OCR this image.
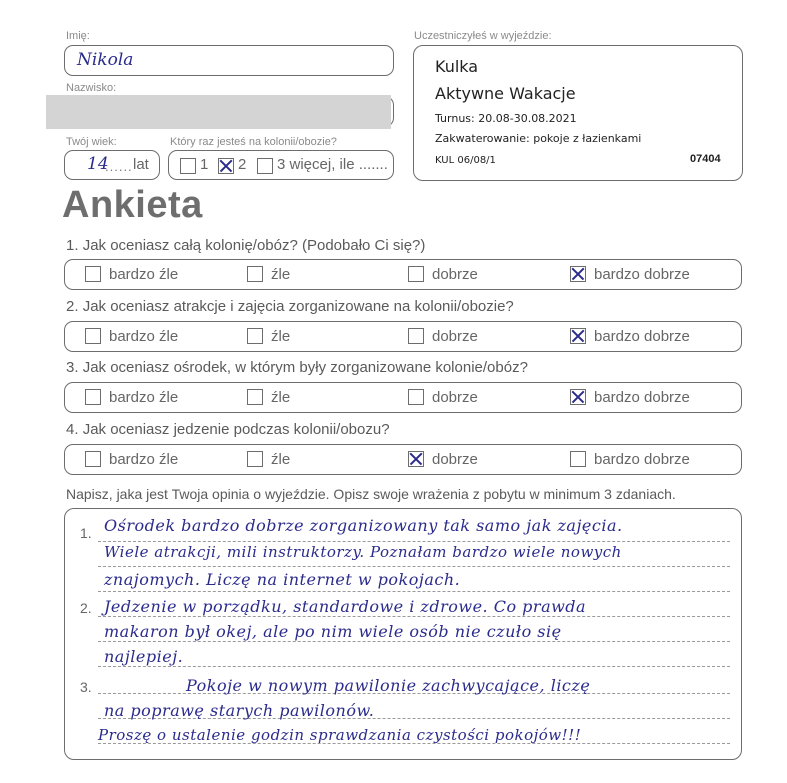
Imię:
Nikola
Nazwisko:
Twój wiek:
14
...... lat
Który raz jesteś na kolonii/obozie?
1 2 3 więcej, ile .......
Uczestniczyłeś w wyjeździe:
Kulka
Aktywne Wakacje
Turnus: 20.08-30.08.2021
Zakwaterowanie: pokoje z łazienkami
KUL 06/08/1	07404
Ankieta
1. Jak oceniasz całą kolonię/obóz? (Podobało Ci się?)
bardzo źle	źle	dobrze	bardzo dobrze
2. Jak oceniasz atrakcje i zajęcia zorganizowane na kolonii/obozie?
bardzo źle	źle	dobrze	bardzo dobrze
3. Jak oceniasz ośrodek, w którym były zorganizowane kolonie/obóz?
bardzo źle	źle	dobrze	bardzo dobrze
4. Jak oceniasz jedzenie podczas kolonii/obozu?
bardzo źle	źle	dobrze	bardzo dobrze
Napisz, jaka jest Twoja opinia o wyjeździe. Opisz swoje wrażenia z pobytu w minimum 3 zdaniach.
1.
2.
3.
Ośrodek bardzo dobrze zorganizowany tak samo jak zajęcia.
Wiele atrakcji, mili instruktorzy. Poznałam bardzo wiele nowych
znajomych. Liczę na internet w pokojach.
Jedzenie w porządku, standardowe i zdrowe. Co prawda
makaron był okej, ale po nim wiele osób nie czuło się
najlepiej.
Pokoje w nowym pawilonie zachwycające, liczę
na poprawę starych pawilonów.
Proszę o ustalenie godzin sprawdzania czystości pokojów!!!
